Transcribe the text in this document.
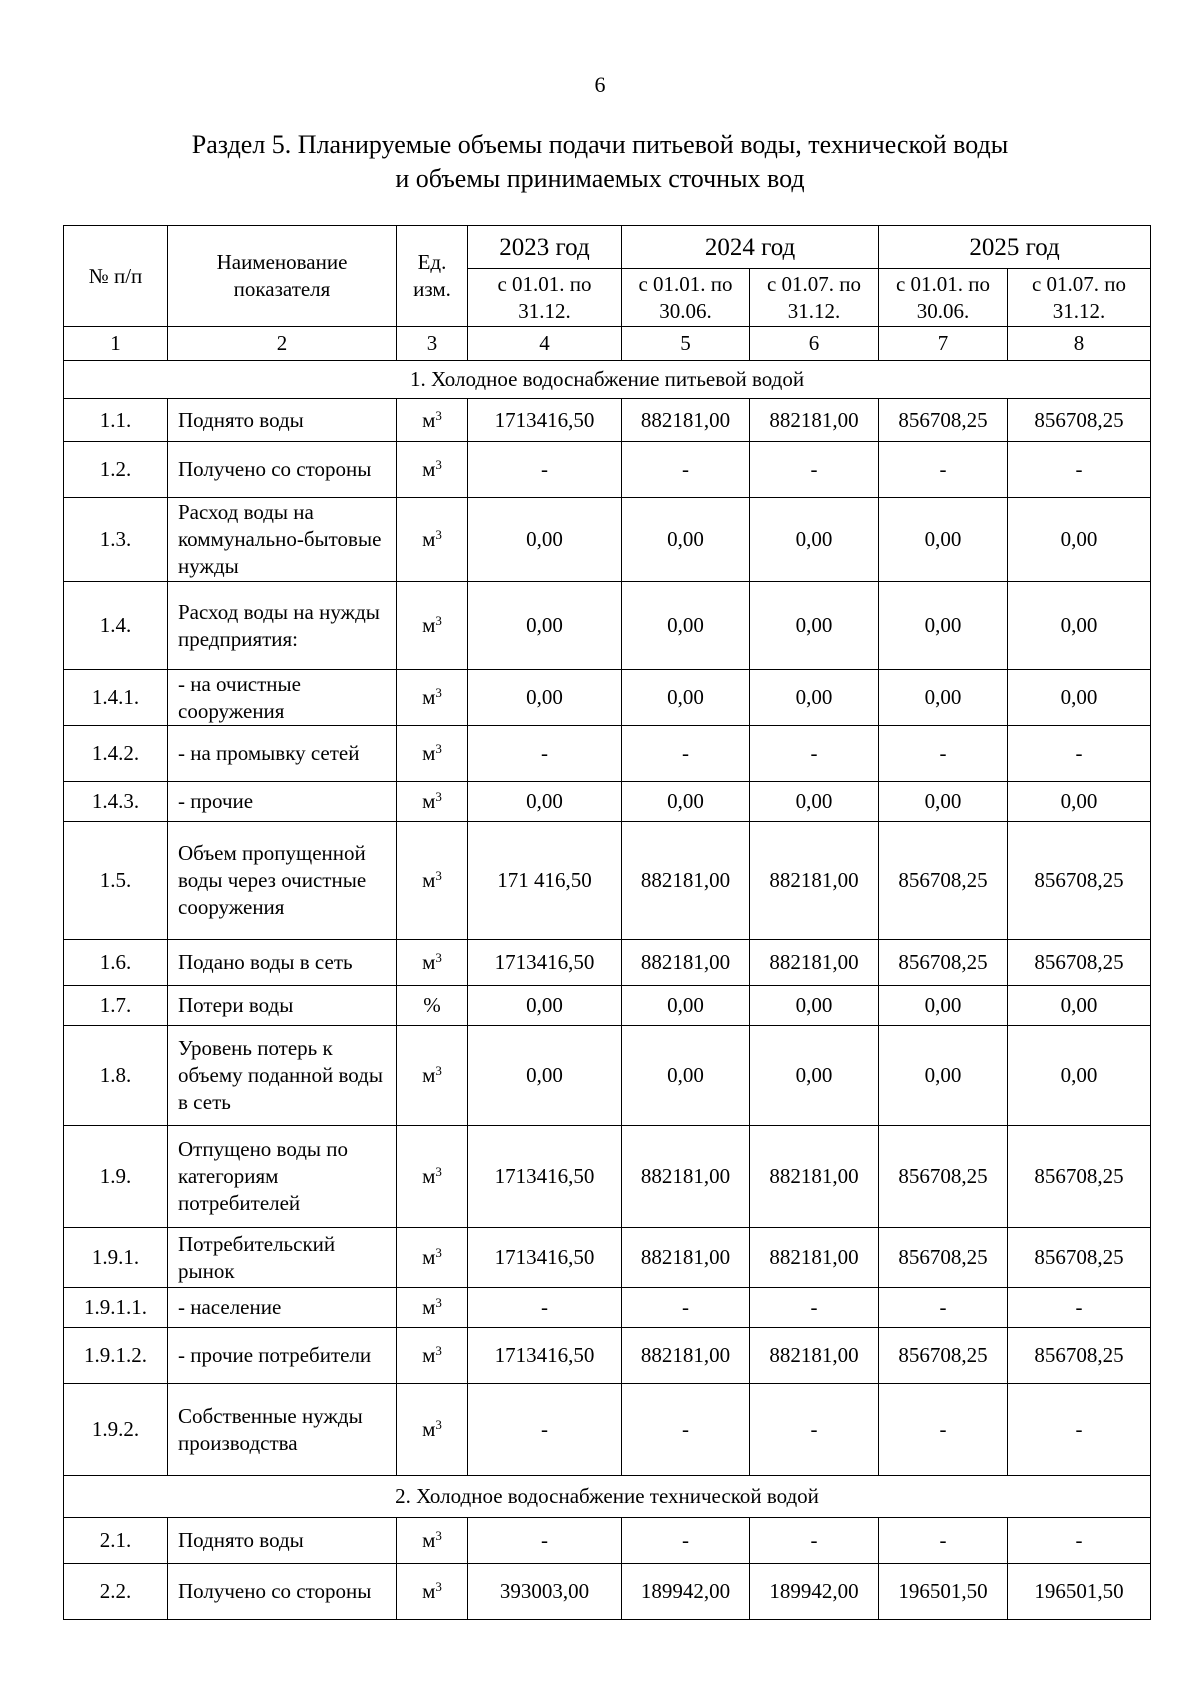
6
Раздел 5. Планируемые объемы подачи питьевой воды, технической воды
и объемы принимаемых сточных вод
№ п/п	Наименование показателя	Ед. изм.	2023 год	2024 год		2025 год	
			с 01.01. по 31.12.	с 01.01. по 30.06.	с 01.07. по 31.12.	с 01.01. по 30.06.	с 01.07. по 31.12.
1	2	3	4	5	6	7	8
1. Холодное водоснабжение питьевой водой							
1.1.	Поднято воды	$м^3$	1713416,50	882181,00	882181,00	856708,25	856708,25
1.2.	Получено со стороны	$м^3$	-	-	-	-	-
1.3.	Расход воды на коммунально-бытовые нужды	$м^3$	0,00	0,00	0,00	0,00	0,00
1.4.	Расход воды на нужды предприятия:	$м^3$	0,00	0,00	0,00	0,00	0,00
1.4.1.	- на очистные сооружения	$м^3$	0,00	0,00	0,00	0,00	0,00
1.4.2.	- на промывку сетей	$м^3$	-	-	-	-	-
1.4.3.	- прочие	$м^3$	0,00	0,00	0,00	0,00	0,00
1.5.	Объем пропущенной воды через очистные сооружения	$м^3$	171 416,50	882181,00	882181,00	856708,25	856708,25
1.6.	Подано воды в сеть	$м^3$	1713416,50	882181,00	882181,00	856708,25	856708,25
1.7.	Потери воды	%	0,00	0,00	0,00	0,00	0,00
1.8.	Уровень потерь к объему поданной воды в сеть	$м^3$	0,00	0,00	0,00	0,00	0,00
1.9.	Отпущено воды по категориям потребителей	$м^3$	1713416,50	882181,00	882181,00	856708,25	856708,25
1.9.1.	Потребительский рынок	$м^3$	1713416,50	882181,00	882181,00	856708,25	856708,25
1.9.1.1.	- население	$м^3$	-	-	-	-	-
1.9.1.2.	- прочие потребители	$м^3$	1713416,50	882181,00	882181,00	856708,25	856708,25
1.9.2.	Собственные нужды производства	$м^3$	-	-	-	-	-
2. Холодное водоснабжение технической водой							
2.1.	Поднято воды	$м^3$	-	-	-	-	-
2.2.	Получено со стороны	$м^3$	393003,00	189942,00	189942,00	196501,50	196501,50
